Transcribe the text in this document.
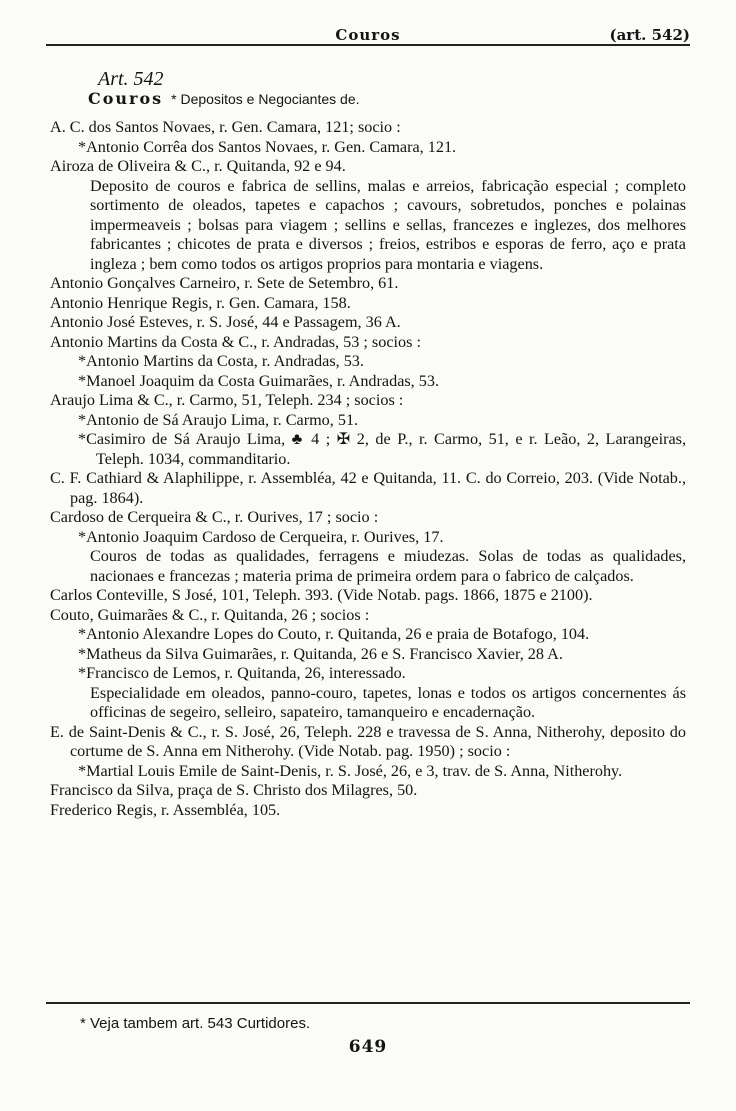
Couros	(art. 542)
Art. 542
Couros * Depositos e Negociantes de.

A. C. dos Santos Novaes, r. Gen. Camara, 121; socio :

*Antonio Corrêa dos Santos Novaes, r. Gen. Camara, 121.

Airoza de Oliveira & C., r. Quitanda, 92 e 94.

Deposito de couros e fabrica de sellins, malas e arreios, fabricação especial ; completo sortimento de oleados, tapetes e capachos ; cavours, sobretudos, ponches e polainas impermeaveis ; bolsas para viagem ; sellins e sellas, francezes e inglezes, dos melhores fabricantes ; chicotes de prata e diversos ; freios, estribos e esporas de ferro, aço e prata ingleza ; bem como todos os artigos proprios para montaria e viagens.

Antonio Gonçalves Carneiro, r. Sete de Setembro, 61.

Antonio Henrique Regis, r. Gen. Camara, 158.

Antonio José Esteves, r. S. José, 44 e Passagem, 36 A.

Antonio Martins da Costa & C., r. Andradas, 53 ; socios :

*Antonio Martins da Costa, r. Andradas, 53.

*Manoel Joaquim da Costa Guimarães, r. Andradas, 53.

Araujo Lima & C., r. Carmo, 51, Teleph. 234 ; socios :

*Antonio de Sá Araujo Lima, r. Carmo, 51.

*Casimiro de Sá Araujo Lima, ♣ 4 ; ✠ 2, de P., r. Carmo, 51, e r. Leão, 2, Larangeiras, Teleph. 1034, commanditario.

C. F. Cathiard & Alaphilippe, r. Assembléa, 42 e Quitanda, 11. C. do Correio, 203. (Vide Notab., pag. 1864).

Cardoso de Cerqueira & C., r. Ourives, 17 ; socio :

*Antonio Joaquim Cardoso de Cerqueira, r. Ourives, 17.

Couros de todas as qualidades, ferragens e miudezas. Solas de todas as qualidades, nacionaes e francezas ; materia prima de primeira ordem para o fabrico de calçados.

Carlos Conteville, S José, 101, Teleph. 393. (Vide Notab. pags. 1866, 1875 e 2100).

Couto, Guimarães & C., r. Quitanda, 26 ; socios :

*Antonio Alexandre Lopes do Couto, r. Quitanda, 26 e praia de Botafogo, 104.

*Matheus da Silva Guimarães, r. Quitanda, 26 e S. Francisco Xavier, 28 A.

*Francisco de Lemos, r. Quitanda, 26, interessado.

Especialidade em oleados, panno-couro, tapetes, lonas e todos os artigos concernentes ás officinas de segeiro, selleiro, sapateiro, tamanqueiro e encadernação.

E. de Saint-Denis & C., r. S. José, 26, Teleph. 228 e travessa de S. Anna, Nitherohy, deposito do cortume de S. Anna em Nitherohy. (Vide Notab. pag. 1950) ; socio :

*Martial Louis Emile de Saint-Denis, r. S. José, 26, e 3, trav. de S. Anna, Nitherohy.

Francisco da Silva, praça de S. Christo dos Milagres, 50.

Frederico Regis, r. Assembléa, 105.

* Veja tambem art. 543 Curtidores.
649
